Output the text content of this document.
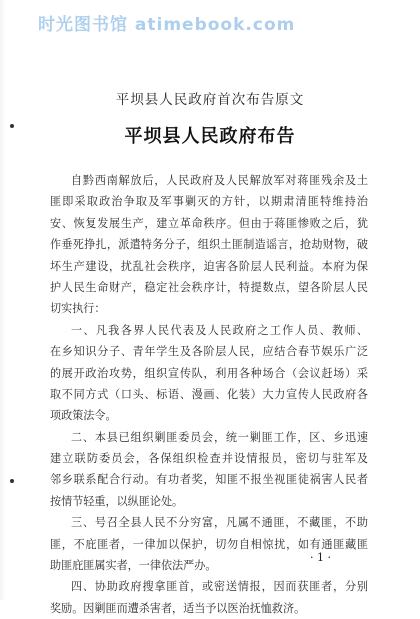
时光图书馆 atimebook.com
平坝县人民政府首次布告原文
平坝县人民政府布告
自黔西南解放后，人民政府及人民解放军对蒋匪残余及土
匪即采取政治争取及军事剿灭的方针，以期肃清匪特维持治
安、恢复发展生产，建立革命秩序。但由于蒋匪惨败之后，犹
作垂死挣扎，派遣特务分子，组织土匪制造谣言，抢劫财物，破
坏生产建设，扰乱社会秩序，迫害各阶层人民利益。本府为保
护人民生命财产，稳定社会秩序计，特提数点，望各阶层人民
切实执行：
一、凡我各界人民代表及人民政府之工作人员、教师、
在乡知识分子、青年学生及各阶层人民，应结合春节娱乐广泛
的展开政治攻势，组织宣传队，利用各种场合（会议赶场）采
取不同方式（口头、标语、漫画、化装）大力宣传人民政府各
项政策法令。
二、本县已组织剿匪委员会，统一剿匪工作，区、乡迅速
建立联防委员会，各保组织检查并设情报员，密切与驻军及
邻乡联系配合行动。有功者奖，知匪不报坐视匪徒祸害人民者
按情节轻重，以纵匪论处。
三、号召全县人民不分穷富，凡属不通匪，不藏匪，不助
匪，不庇匪者，一律加以保护，切勿自相惊扰，如有通匪藏匪
助匪庇匪属实者，一律依法严办。
四、协助政府搜拿匪首，或密送情报，因而获匪者，分别
奖励。因剿匪而遭杀害者，适当予以医治抚恤救济。
· 1 ·
